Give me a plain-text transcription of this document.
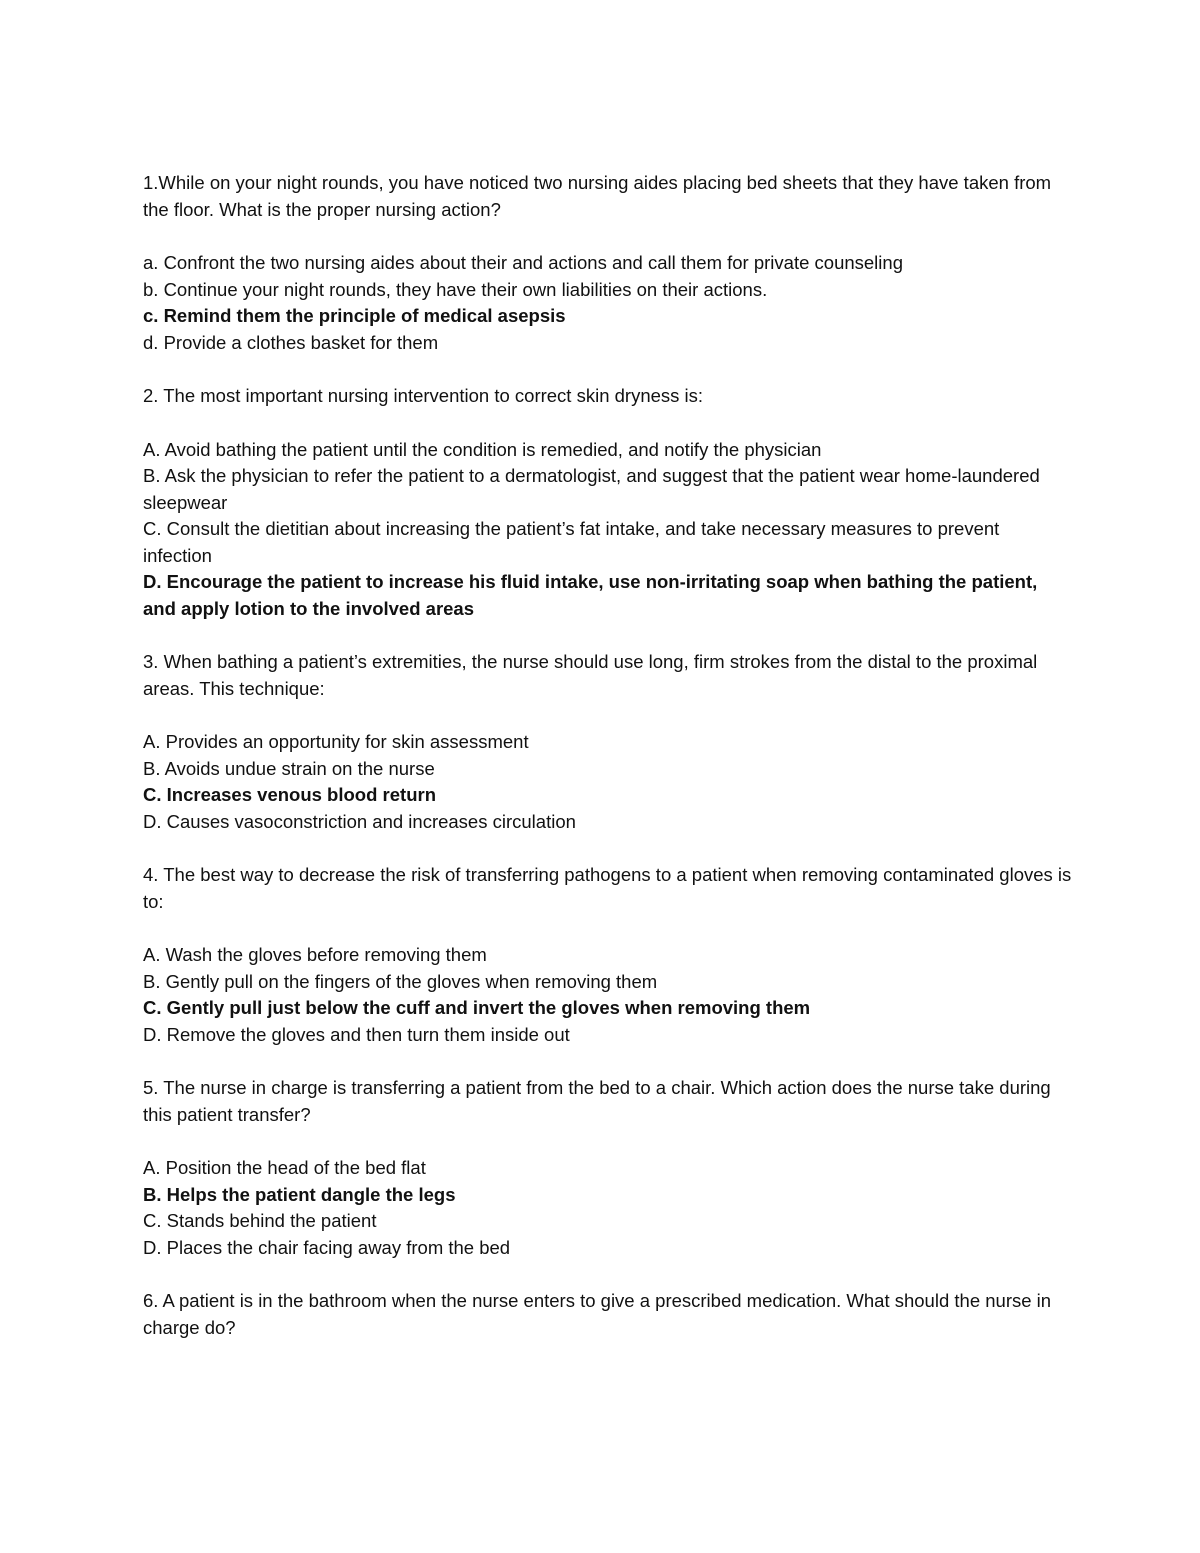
1.While on your night rounds, you have noticed two nursing aides placing bed sheets that they have taken from the floor. What is the proper nursing action?

a. Confront the two nursing aides about their and actions and call them for private counseling

b. Continue your night rounds, they have their own liabilities on their actions.

c. Remind them the principle of medical asepsis

d. Provide a clothes basket for them

2. The most important nursing intervention to correct skin dryness is:

A. Avoid bathing the patient until the condition is remedied, and notify the physician

B. Ask the physician to refer the patient to a dermatologist, and suggest that the patient wear home-laundered sleepwear

C. Consult the dietitian about increasing the patient’s fat intake, and take necessary measures to prevent infection

D. Encourage the patient to increase his fluid intake, use non-irritating soap when bathing the patient, and apply lotion to the involved areas

3. When bathing a patient’s extremities, the nurse should use long, firm strokes from the distal to the proximal areas. This technique:

A. Provides an opportunity for skin assessment

B. Avoids undue strain on the nurse

C. Increases venous blood return

D. Causes vasoconstriction and increases circulation

4. The best way to decrease the risk of transferring pathogens to a patient when removing contaminated gloves is to:

A. Wash the gloves before removing them

B. Gently pull on the fingers of the gloves when removing them

C. Gently pull just below the cuff and invert the gloves when removing them

D. Remove the gloves and then turn them inside out

5. The nurse in charge is transferring a patient from the bed to a chair. Which action does the nurse take during this patient transfer?

A. Position the head of the bed flat

B. Helps the patient dangle the legs

C. Stands behind the patient

D. Places the chair facing away from the bed

6. A patient is in the bathroom when the nurse enters to give a prescribed medication. What should the nurse in charge do?
